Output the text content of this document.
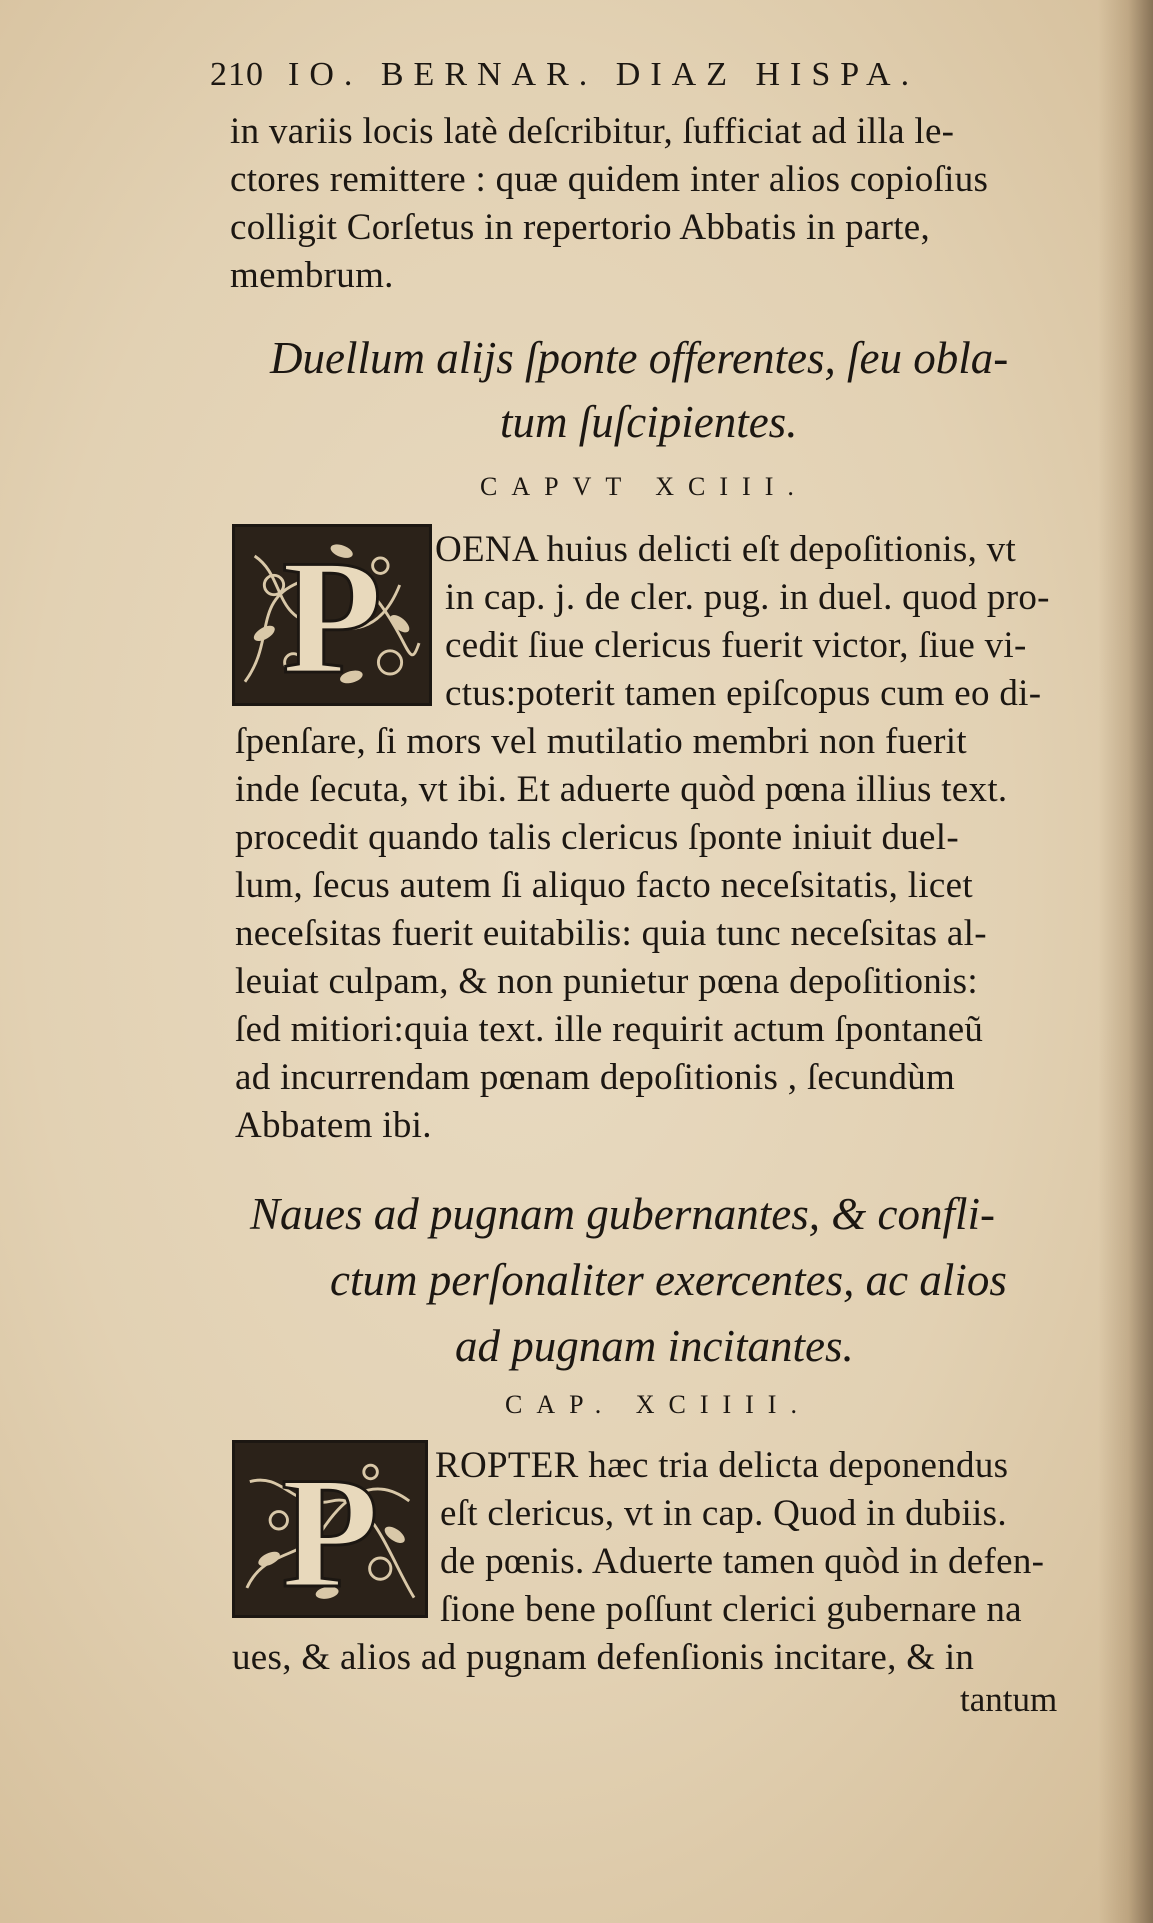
210 IO. BERNAR. DIAZ HISPA.
in variis locis latè deſcribitur, ſufficiat ad illa le-
ctores remittere : quæ quidem inter alios copioſius
colligit Corſetus in repertorio Abbatis in parte,
membrum.
Duellum alijs ſponte offerentes, ſeu obla-
tum ſuſcipientes.
CAPVT XCIII.
P OENA huius delicti eſt depoſitionis, vt
in cap. j. de cler. pug. in duel. quod pro-
cedit ſiue clericus fuerit victor, ſiue vi-
ctus:poterit tamen epiſcopus cum eo di-
ſpenſare, ſi mors vel mutilatio membri non fuerit
inde ſecuta, vt ibi. Et aduerte quòd pœna illius text.
procedit quando talis clericus ſponte iniuit duel-
lum, ſecus autem ſi aliquo facto neceſsitatis, licet
neceſsitas fuerit euitabilis: quia tunc neceſsitas al-
leuiat culpam, & non punietur pœna depoſitionis:
ſed mitiori:quia text. ille requirit actum ſpontaneũ
ad incurrendam pœnam depoſitionis , ſecundùm
Abbatem ibi.
Naues ad pugnam gubernantes, & confli-
ctum perſonaliter exercentes, ac alios
ad pugnam incitantes.
CAP. XCIIII.
P ROPTER hæc tria delicta deponendus
eſt clericus, vt in cap. Quod in dubiis.
de pœnis. Aduerte tamen quòd in defen-
ſione bene poſſunt clerici gubernare na
ues, & alios ad pugnam defenſionis incitare, & in
tantum
